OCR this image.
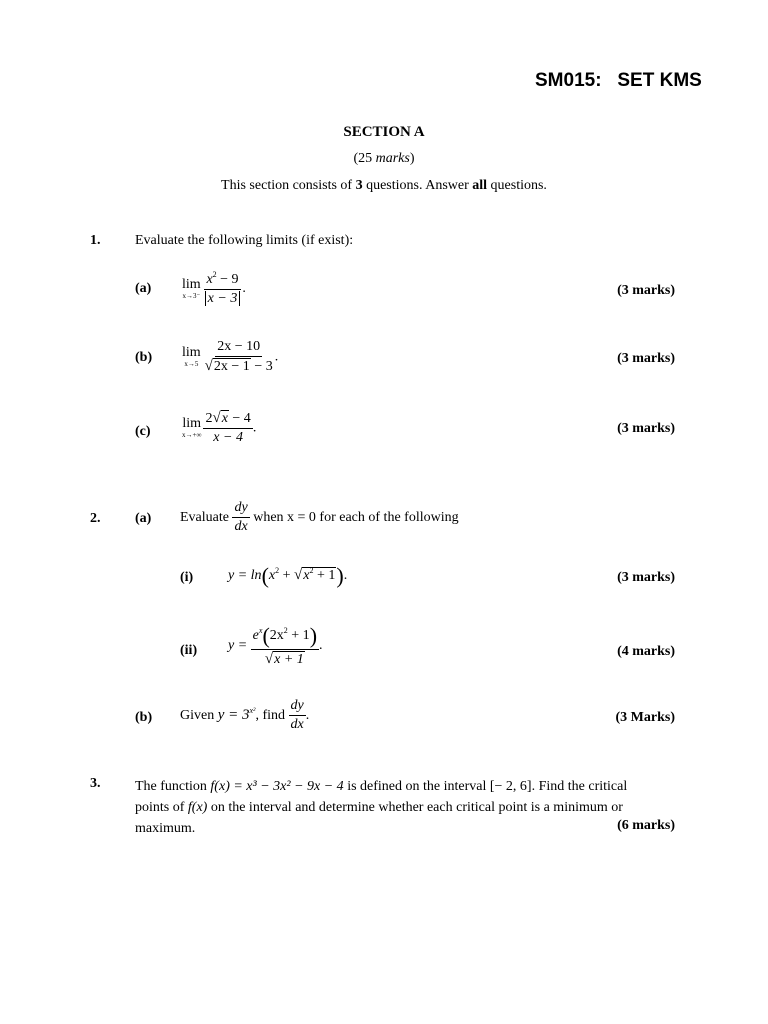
SM015:   SET KMS
SECTION A
(25 marks)
This section consists of 3 questions. Answer all questions.
1. Evaluate the following limits (if exist):
(a) lim
$x\to 3^- \frac{x^2 - 9}{x - 3}$ .	(3 marks)
(b) lim
$x\to 5 \frac{2x - 10}{√2x - 1 - 3}$ .	(3 marks)
(c)
lim
$x\to+\infty \frac{2√x - 4}{x - 4}$ .	(3 marks)
2. (a) Evaluate $\frac{dy}{dx}$ when x = 0 for each of the following
(i) $y = \ln(x^2 + √x^2 + 1)$.	(3 marks)
(ii) $y = \frac{e^x(2x^2 + 1)}{√x + 1}$ .	(4 marks)
(b) Given $y = 3^{x^2}$, find $\frac{dy}{dx}$ .	(3 Marks)
3. The function f(x) = x³ − 3x² − 9x − 4 is defined on the interval [− 2, 6]. Find the critical
points of f(x) on the interval and determine whether each critical point is a minimum or
maximum.	(6 marks)
